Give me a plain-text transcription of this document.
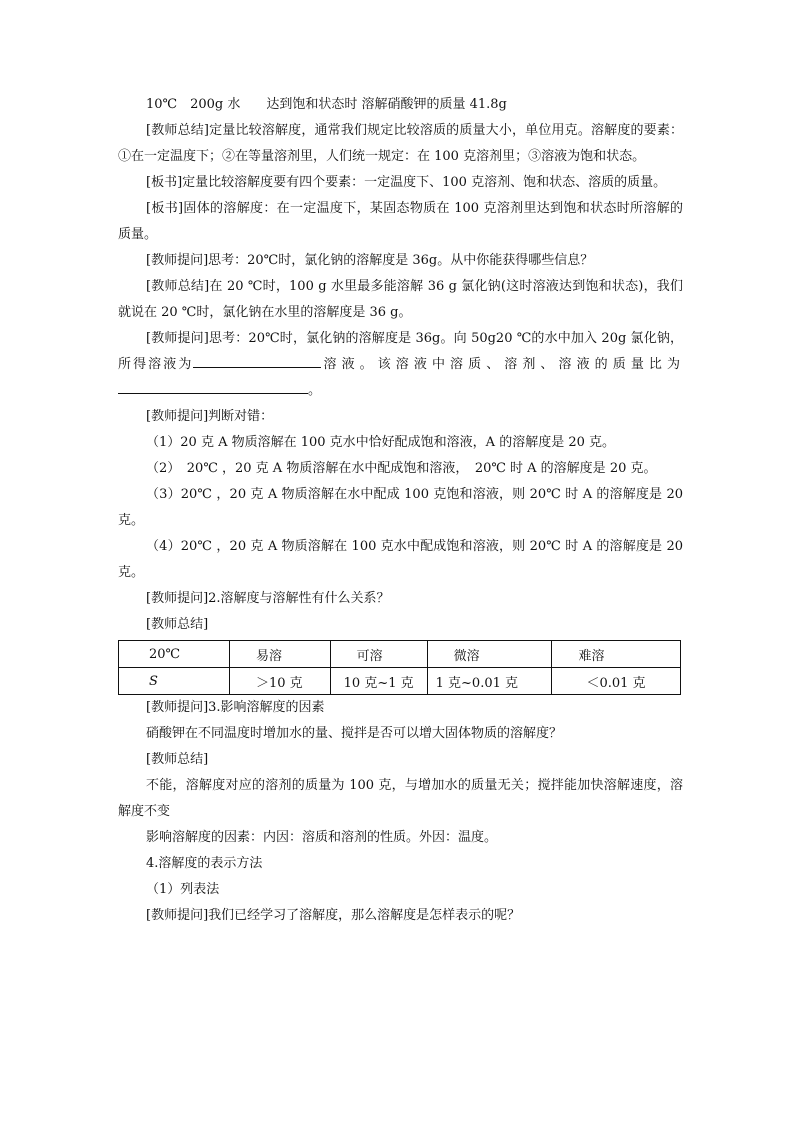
10℃　200g 水　　达到饱和状态时 溶解硝酸钾的质量 41.8g

[教师总结]定量比较溶解度，通常我们规定比较溶质的质量大小，单位用克。溶解度的要素：①在一定温度下；②在等量溶剂里，人们统一规定：在 100 克溶剂里；③溶液为饱和状态。

[板书]定量比较溶解度要有四个要素：一定温度下、100 克溶剂、饱和状态、溶质的质量。

[板书]固体的溶解度：在一定温度下，某固态物质在 100 克溶剂里达到饱和状态时所溶解的质量。

[教师提问]思考：20℃时，氯化钠的溶解度是 36g。从中你能获得哪些信息？

[教师总结]在 20 ℃时，100 g 水里最多能溶解 36 g 氯化钠(这时溶液达到饱和状态)，我们就说在 20 ℃时，氯化钠在水里的溶解度是 36 g。

[教师提问]思考：20℃时，氯化钠的溶解度是 36g。向 50g20 ℃的水中加入 20g 氯化钠，所得溶液为	溶液。该溶液中溶质、溶剂、溶液的质量比为。

[教师提问]判断对错：

（1）20 克 A 物质溶解在 100 克水中恰好配成饱和溶液，A 的溶解度是 20 克。

（2）　20℃ ，20 克 A 物质溶解在水中配成饱和溶液，　20℃ 时 A 的溶解度是 20 克。

（3）20℃ ，20 克 A 物质溶解在水中配成 100 克饱和溶液，则 20℃ 时 A 的溶解度是 20 克。

（4）20℃ ，20 克 A 物质溶解在 100 克水中配成饱和溶液，则 20℃ 时 A 的溶解度是 20 克。

[教师提问]2.溶解度与溶解性有什么关系？

[教师总结]

20℃	易溶	可溶	微溶	难溶
S	＞10 克	10 克~1 克	1 克~0.01 克	＜0.01 克

[教师提问]3.影响溶解度的因素

硝酸钾在不同温度时增加水的量、搅拌是否可以增大固体物质的溶解度？

[教师总结]

不能，溶解度对应的溶剂的质量为 100 克，与增加水的质量无关；搅拌能加快溶解速度，溶解度不变

影响溶解度的因素：内因：溶质和溶剂的性质。外因：温度。

4.溶解度的表示方法

（1）列表法

[教师提问]我们已经学习了溶解度，那么溶解度是怎样表示的呢？
